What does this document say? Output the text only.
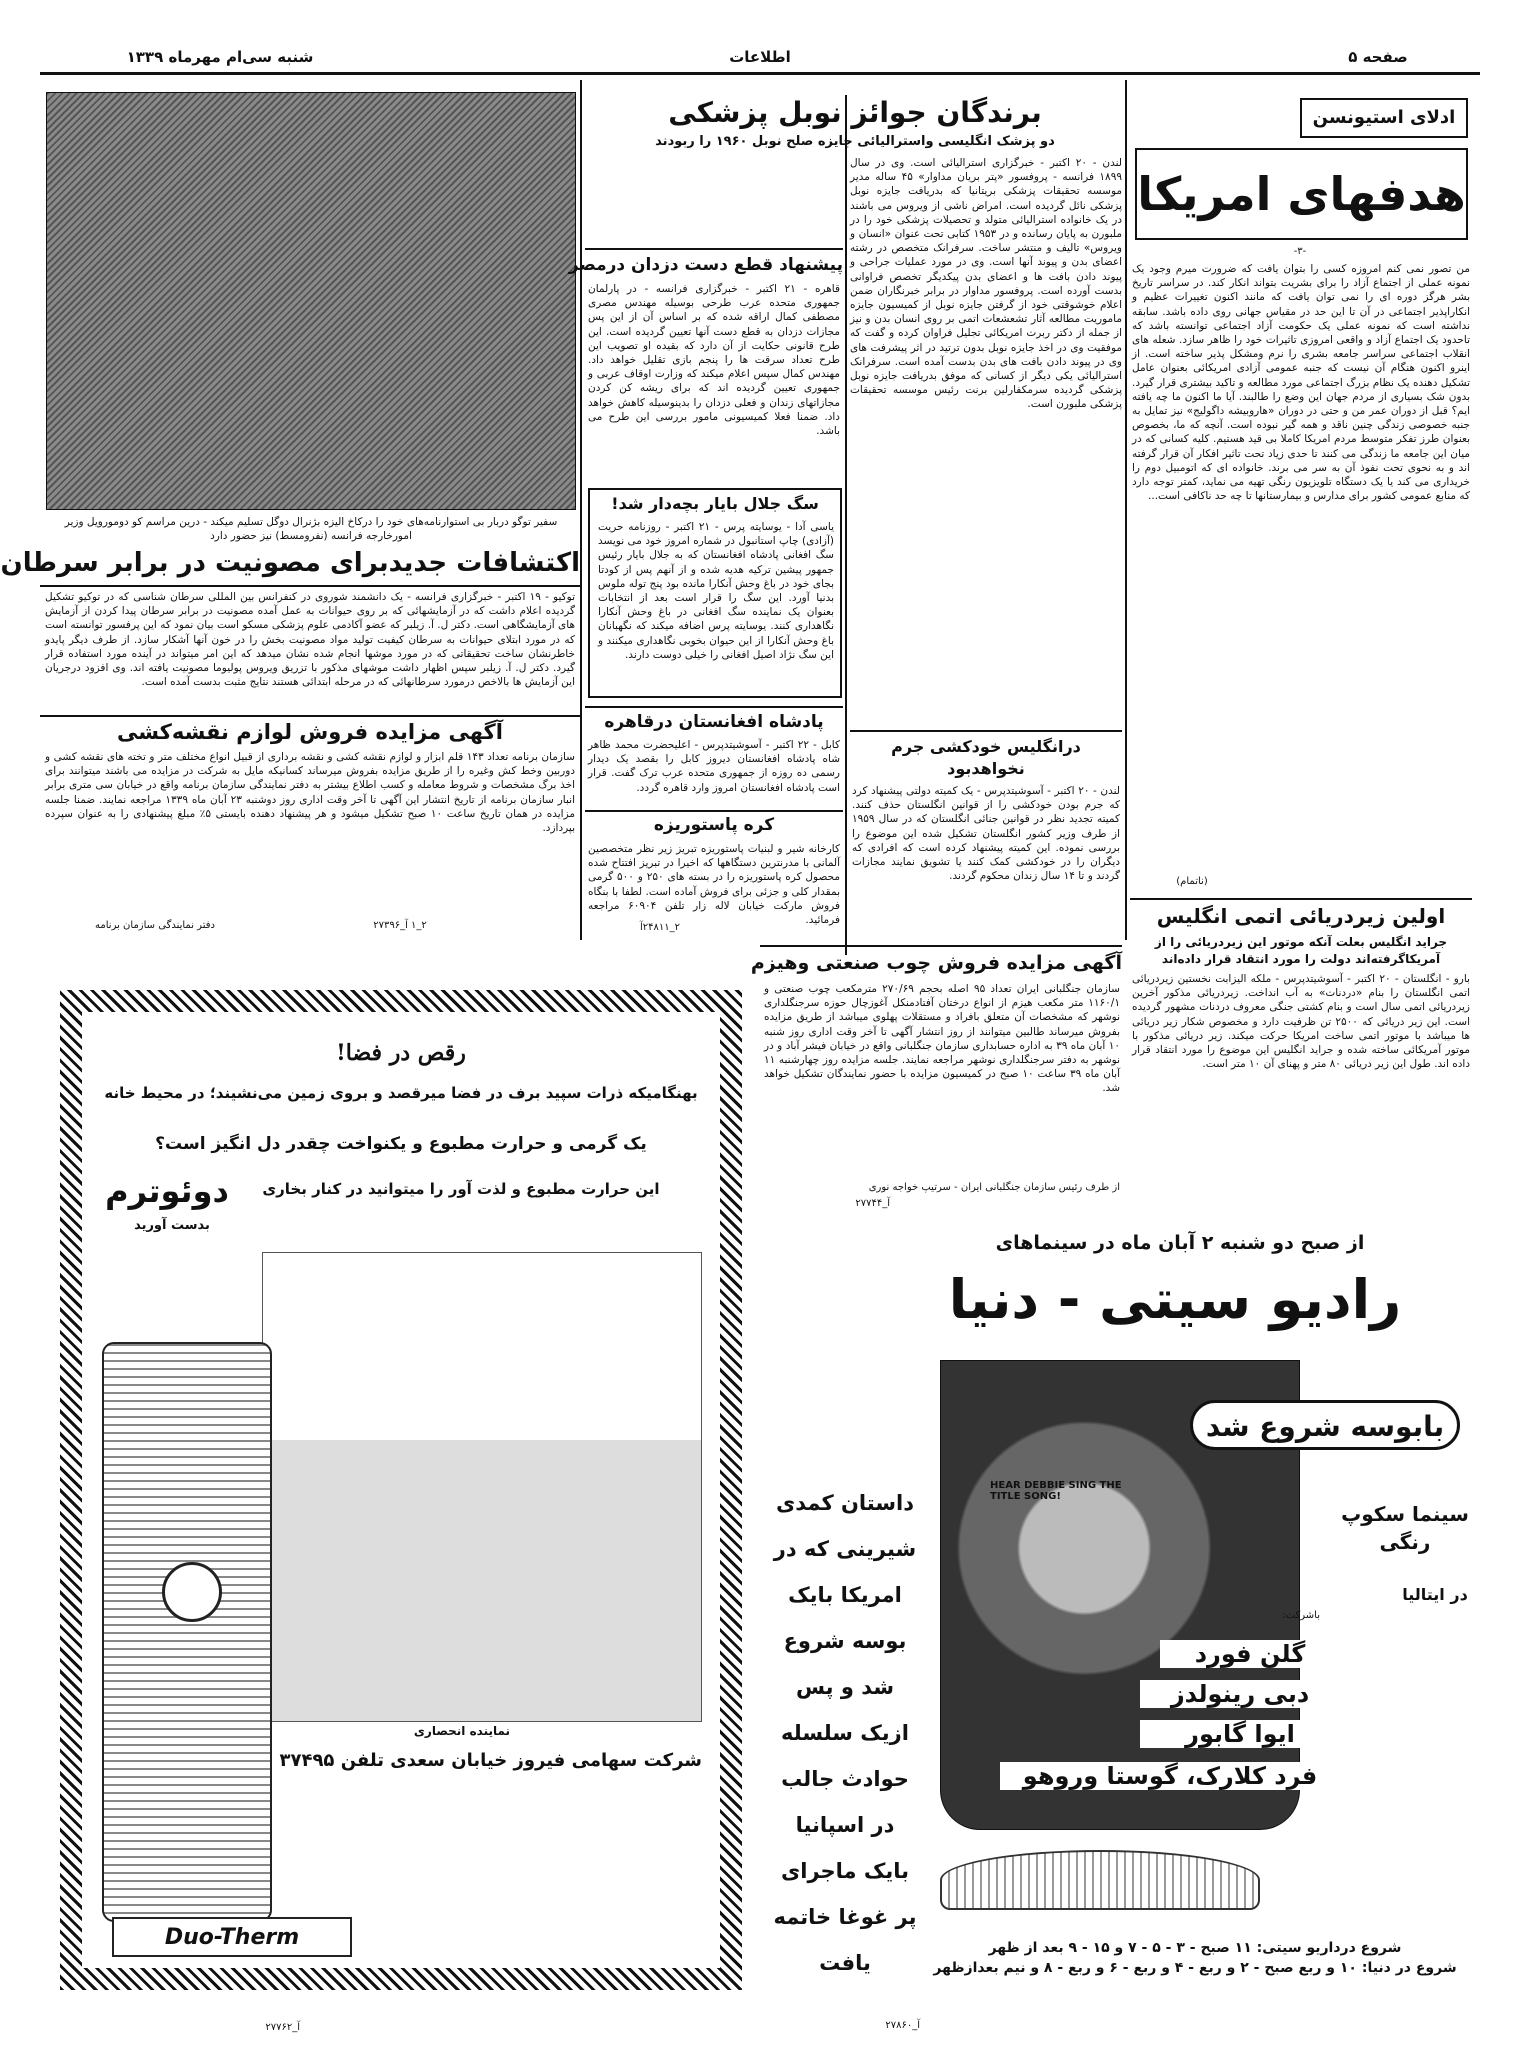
شنبه سی‌ام مهرماه ۱۳۳۹	اطلاعات	صفحه ۵
سفیر توگو دربار بی استوارنامه‌های خود را درکاخ الیزه بژنرال دوگل تسلیم میکند - درین مراسم کو دومورویل وزیر امورخارجه فرانسه (نفرومسط) نیز حضور دارد
اکتشافات جدیدبرای مصونیت در برابر سرطان
توکیو - ۱۹ اکتبر - خبرگزاری فرانسه - یک دانشمند شوروی در کنفرانس بین المللی سرطان شناسی که در توکیو تشکیل گردیده اعلام داشت که در آزمایشهائی که بر روی حیوانات به عمل آمده مصونیت در برابر سرطان پیدا کردن از آزمایش های آزمایشگاهی است. دکتر ل. آ. زیلبر که عضو آکادمی علوم پزشکی مسکو است بیان نمود که این پرفسور توانسته است که در مورد ابتلای حیوانات به سرطان کیفیت تولید مواد مصونیت بخش را در خون آنها آشکار سازد. از طرف دیگر پایدو خاطرنشان ساخت تحقیقاتی که در مورد موشها انجام شده نشان میدهد که این امر میتواند در آینده مورد استفاده قرار گیرد. دکتر ل. آ. زیلبر سپس اظهار داشت موشهای مذکور با تزریق ویروس پولیوما مصونیت یافته اند. وی افزود درجریان این آزمایش ها بالاخص درمورد سرطانهائی که در مرحله ابتدائی هستند نتایج مثبت بدست آمده است.
آگهی مزایده فروش لوازم نقشه‌کشی
سازمان برنامه تعداد ۱۴۳ قلم ابزار و لوازم نقشه کشی و نقشه برداری از قبیل انواع مختلف متر و تخته های نقشه کشی و دوربین وخط کش وغیره را از طریق مزایده بفروش میرساند کسانیکه مایل به شرکت در مزایده می باشند میتوانند برای اخذ برگ مشخصات و شروط معامله و کسب اطلاع بیشتر به دفتر نمایندگی سازمان برنامه واقع در خیابان سی متری برابر انبار سازمان برنامه از تاریخ انتشار این آگهی تا آخر وقت اداری روز دوشنبه ۲۳ آبان ماه ۱۳۳۹ مراجعه نمایند. ضمنا جلسه مزایده در همان تاریخ ساعت ۱۰ صبح تشکیل میشود و هر پیشنهاد دهنده بایستی ۵٪ مبلغ پیشنهادی را به عنوان سپرده بپردازد.
دفتر نمایندگی سازمان برنامه	۲_۱ آ_۲۷۳۹۶
برندگان جوائز نوبل پزشکی
دو پزشک انگلیسی واسترالیائی جایزه صلح نوبل ۱۹۶۰ را ربودند
لندن - ۲۰ اکتبر - خبرگزاری استرالیائی است. وی در سال ۱۸۹۹ فرانسه - پروفسور «پتر بریان مداوار» ۴۵ ساله مدیر موسسه تحقیقات پزشکی بریتانیا که بدریافت جایزه نوبل پزشکی نائل گردیده است. امراض ناشی از ویروس می باشند در یک خانواده استرالیائی متولد و تحصیلات پزشکی خود را در ملبورن به پایان رسانده و در ۱۹۵۳ کتابی تحت عنوان «انسان و ویروس» تالیف و منتشر ساخت. سرفرانک متخصص در رشته اعضای بدن و پیوند آنها است. وی در مورد عملیات جراحی و پیوند دادن بافت ها و اعضای بدن پیکدیگر تخصص فراوانی بدست آورده است. پروفسور مداوار در برابر خبرنگاران ضمن اعلام خوشوقتی خود از گرفتن جایزه نوبل از کمیسیون جایزه ماموریت مطالعه آثار تشعشعات اتمی بر روی انسان بدن و نیز از جمله از دکتر ربرت امریکائی تجلیل فراوان کرده و گفت که موفقیت وی در اخذ جایزه نوبل بدون ترتید در اثر پیشرفت های وی در پیوند دادن بافت های بدن بدست آمده است. سرفرانک استرالیائی یکی دیگر از کسانی که موفق بدریافت جایزه نوبل پزشکی گردیده سرمکفارلین برنت رئیس موسسه تحقیقات پزشکی ملبورن است.
پیشنهاد قطع دست دزدان درمصر
قاهره - ۲۱ اکتبر - خبرگزاری فرانسه - در پارلمان جمهوری متحده عرب طرحی بوسیله مهندس مصری مصطفی کمال اراقه شده که بر اساس آن از این پس مجازات دزدان به قطع دست آنها تعیین گردیده است. این طرح قانونی حکایت از آن دارد که بقیده او تصویب این طرح تعداد سرقت ها را پنجم بازی تقلیل خواهد داد. مهندس کمال سپس اعلام میکند که وزارت اوقاف عربی و جمهوری تعیین گردیده اند که برای ریشه کن کردن مجازاتهای زندان و فعلی دزدان را بدینوسیله کاهش خواهد داد. ضمنا فعلا کمیسیونی مامور بررسی این طرح می باشد.
سگ جلال بایار بچه‌دار شد!
یاسی آدا - یوسایته پرس - ۲۱ اکتبر - روزنامه حریت (آزادی) چاپ استانبول در شماره امروز خود می نویسد سگ افغانی پادشاه افغانستان که به جلال بایار رئیس جمهور پیشین ترکیه هدیه شده و از آنهم پس از کودتا بجای خود در باغ وحش آنکارا مانده بود پنج توله ملوس بدنیا آورد. این سگ را قرار است بعد از انتخابات بعنوان یک نماینده سگ افغانی در باغ وحش آنکارا نگاهداری کنند. یوسایته پرس اضافه میکند که نگهبانان باغ وحش آنکارا از این حیوان بخوبی نگاهداری میکنند و این سگ نژاد اصیل افغانی را خیلی دوست دارند.
پادشاه افغانستان درقاهره
کابل - ۲۲ اکتبر - آسوشیتدپرس - اعلیحضرت محمد ظاهر شاه پادشاه افغانستان دیروز کابل را بقصد یک دیدار رسمی ده روزه از جمهوری متحده عرب ترک گفت. قرار است پادشاه افغانستان امروز وارد قاهره گردد.
کره پاستوریزه
کارخانه شیر و لبنیات پاستوریزه تبریز زیر نظر متخصصین آلمانی با مدرنترین دستگاهها که اخیرا در تبریز افتتاح شده محصول کره پاستوریزه را در بسته های ۲۵۰ و ۵۰۰ گرمی بمقدار کلی و جزئی برای فروش آماده است. لطفا با بنگاه فروش مارکت خیابان لاله زار تلفن ۶۰۹۰۴ مراجعه فرمائید.
۲_۲۴۸۱۱آ
درانگلیس خودکشی جرم نخواهدبود
لندن - ۲۰ اکتبر - آسوشیتدپرس - یک کمیته دولتی پیشنهاد کرد که جرم بودن خودکشی را از قوانین انگلستان حذف کنند. کمیته تجدید نظر در قوانین جنائی انگلستان که در سال ۱۹۵۹ از طرف وزیر کشور انگلستان تشکیل شده این موضوع را بررسی نموده. این کمیته پیشنهاد کرده است که افرادی که دیگران را در خودکشی کمک کنند یا تشویق نمایند مجازات گردند و تا ۱۴ سال زندان محکوم گردند.
ادلای استیونسن
هدفهای امریکا
-۳-
من تصور نمی کنم امروزه کسی را بتوان یافت که ضرورت میرم وجود یک نمونه عملی از اجتماع آزاد را برای بشریت بتواند انکار کند. در سراسر تاریخ بشر هرگز دوره ای را نمی توان یافت که مانند اکنون تغییرات عظیم و انکاراپذیر اجتماعی در آن تا این حد در مقیاس جهانی روی داده باشد. سابقه نداشته است که نمونه عملی یک حکومت آزاد اجتماعی توانسته باشد که تاحدود یک اجتماع آزاد و واقعی امروزی تاثیرات خود را ظاهر سازد. شعله های انقلاب اجتماعی سراسر جامعه بشری را نرم ومشکل پذیر ساخته است. از اینرو اکنون هنگام آن نیست که جنبه عمومی آزادی امریکائی بعنوان عامل تشکیل دهنده یک نظام بزرگ اجتماعی مورد مطالعه و تاکید بیشتری قرار گیرد. بدون شک بسیاری از مردم جهان این وضع را طالبند. آیا ما اکنون ما چه یافته ایم؟ قبل از دوران عمر من و حتی در دوران «هاروبیشه داگولیج» نیز تمایل به جنبه خصوصی زندگی چنین ناقد و همه گیر نبوده است. آنچه که ما، بخصوص بعنوان طرز تفکر متوسط مردم امریکا کاملا بی قید هستیم. کلیه کسانی که در میان این جامعه ما زندگی می کنند تا حدی زیاد تحت تاثیر افکار آن قرار گرفته اند و به نحوی تحت نفوذ آن به سر می برند. خانواده ای که اتومبیل دوم را خریداری می کند یا یک دستگاه تلویزیون رنگی تهیه می نماید، کمتر توجه دارد که منابع عمومی کشور برای مدارس و بیمارستانها تا چه حد ناکافی است...
(ناتمام)
اولین زیردریائی اتمی انگلیس
جراید انگلیس بعلت آنکه موتور این زیردریائی را از آمریکاگرفته‌اند دولت را مورد انتقاد قرار داده‌اند
بارو - انگلستان - ۲۰ اکتبر - آسوشیتدپرس - ملکه الیزابت نخستین زیردریائی اتمی انگلستان را بنام «دردنات» به آب انداخت. زیردریائی مذکور آخرین زیردریائی اتمی سال است و بنام کشتی جنگی معروف دردنات مشهور گردیده است. این زیر دریائی که ۲۵۰۰ تن ظرفیت دارد و مخصوص شکار زیر دریائی ها میباشد با موتور اتمی ساخت امریکا حرکت میکند. زیر دریائی مذکور با موتور آمریکائی ساخته شده و جراید انگلیس این موضوع را مورد انتقاد قرار داده اند. طول این زیر دریائی ۸۰ متر و پهنای آن ۱۰ متر است.
آگهی مزایده فروش چوب صنعتی وهیزم
سازمان جنگلبانی ایران تعداد ۹۵ اصله بحجم ۲۷۰/۶۹ مترمکعب چوب صنعتی و ۱۱۶۰/۱ متر مکعب هیزم از انواع درختان آفتادمنکل آغوزچال حوزه سرجنگلداری نوشهر که مشخصات آن متعلق بافراد و مستقلات پهلوی میباشد از طریق مزایده بفروش میرساند طالبین میتوانند از روز انتشار آگهی تا آخر وقت اداری روز شنبه ۱۰ آبان ماه ۳۹ به اداره حسابداری سازمان جنگلبانی واقع در خیابان فیشر آباد و در نوشهر به دفتر سرجنگلداری نوشهر مراجعه نمایند. جلسه مزایده روز چهارشنبه ۱۱ آبان ماه ۳۹ ساعت ۱۰ صبح در کمیسیون مزایده با حضور نمایندگان تشکیل خواهد شد.
از طرف رئیس سازمان جنگلبانی ایران - سرتیپ خواجه نوری
آ_۲۷۷۴۴
رقص در فضا!
بهنگامیکه ذرات سپید برف در فضا میرقصد و بروی زمین می‌نشیند؛ در محیط خانه
یک گرمی و حرارت مطبوع و یکنواخت چقدر دل انگیز است؟
این حرارت مطبوع و لذت آور را میتوانید در کنار بخاری
دوئوترم
بدست آورید
نماینده انحصاری
شرکت سهامی فیروز خیابان سعدی تلفن ۳۷۴۹۵
Duo-Therm
آ_۲۷۷۶۲
از صبح دو شنبه ۲ آبان ماه در سینماهای
رادیو سیتی - دنیا
بابوسه شروع شد
HEAR DEBBIE SING THE TITLE SONG!
سینما سکوپ رنگی
باشرکت:
گلن فورد
دبی رینولدز
ایوا گابور
فرد کلارک، گوستا وروهو
در ایتالیا
داستان کمدی شیرینی که در امریکا بایک بوسه شروع شد و پس ازیک سلسله حوادث جالب در اسپانیا بایک ماجرای پر غوغا خاتمه یافت
شروع درداریو سیتی: ۱۱ صبح - ۳ - ۵ - ۷ و ۱۵ - ۹ بعد از ظهر
شروع در دنیا: ۱۰ و ربع صبح - ۲ و ربع - ۴ و ربع - ۶ و ربع - ۸ و نیم بعدازظهر
آ_۲۷۸۶۰
